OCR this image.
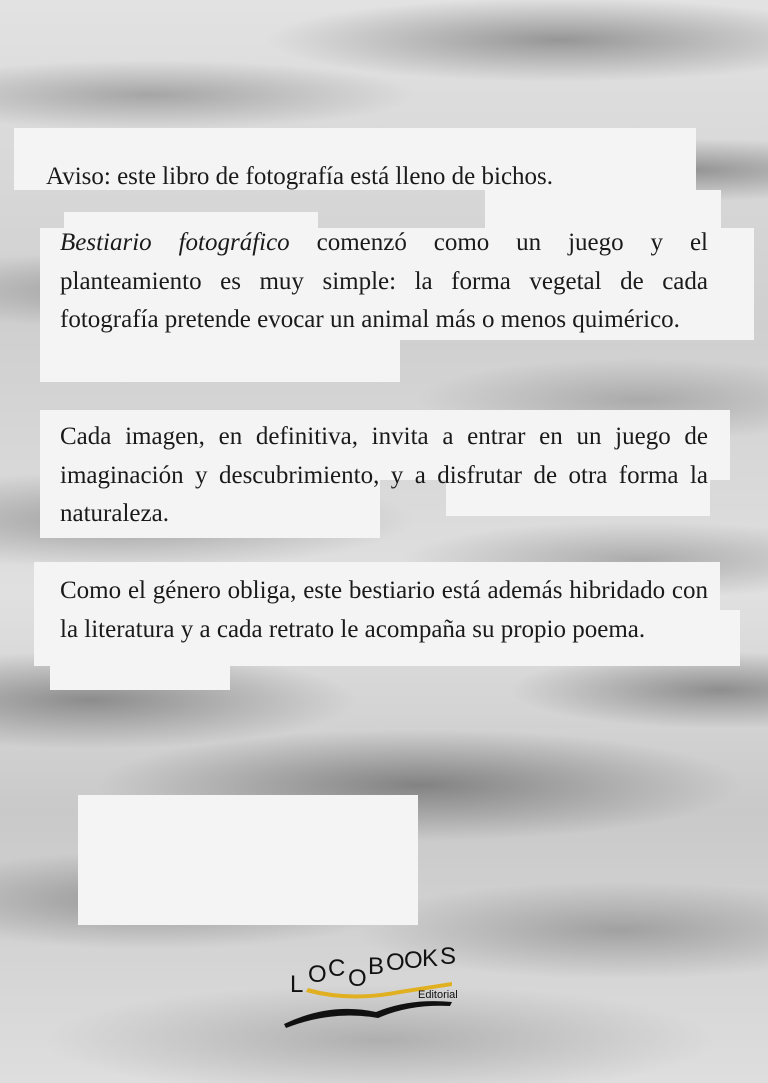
Aviso: este libro de fotografía está lleno de bichos.

Bestiario fotográfico comenzó como un juego y el planteamiento es muy simple: la forma vegetal de cada fotografía pretende evocar un animal más o menos quimérico.

Cada imagen, en definitiva, invita a entrar en un juego de imaginación y descubrimiento, y a disfrutar de otra forma la naturaleza.

Como el género obliga, este bestiario está además hibridado con la literatura y a cada retrato le acompaña su propio poema.

L O C O B O O K S
Editorial
